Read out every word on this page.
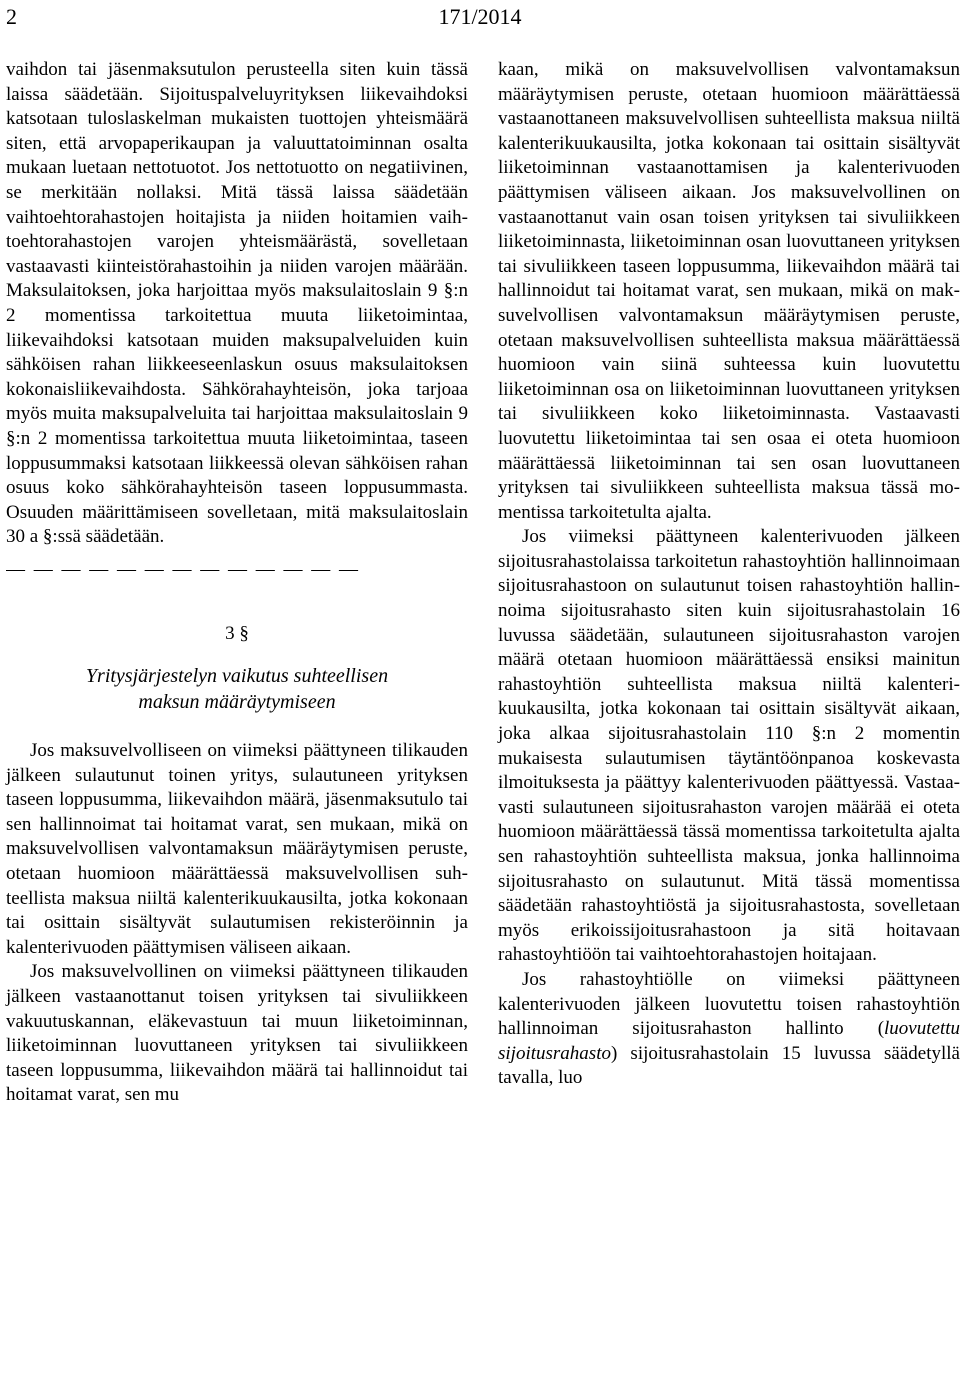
2	171/2014

vaihdon tai jäsenmaksutulon perusteella siten kuin tässä laissa säädetään. Sijoituspalveluyrityksen liikevaihdoksi katsotaan tuloslaskelman mukaisten tuottojen yhteismäärä siten, että arvopaperikaupan ja valuuttatoiminnan osalta mukaan luetaan nettotuotot. Jos nettotuotto on negatiivinen, se merkitään nollaksi. Mitä tässä laissa säädetään vaihtoehtorahastojen hoitajista ja niiden hoitamien vaihtoehtorahastojen varojen yhteismäärästä, sovelletaan vastaavasti kiinteistörahastoihin ja niiden varojen määrään. Maksulaitoksen, joka harjoittaa myös maksulaitoslain 9 §:n 2 momentissa tarkoitettua muuta liiketoimintaa, liikevaihdoksi katsotaan muiden maksupalveluiden kuin sähköisen rahan liikkeeseenlaskun osuus maksulaitoksen kokonaisliikevaihdosta. Sähkörahayhteisön, joka tarjoaa myös muita maksupalveluita tai harjoittaa maksulaitoslain 9 §:n 2 momentissa tarkoitettua muuta liiketoimintaa, taseen loppusummaksi katsotaan liikkeessä olevan sähköisen rahan osuus koko sähkörahayhteisön taseen loppusummasta. Osuuden määrittämiseen sovelletaan, mitä maksulaitoslain 30 a §:ssä säädetään.

— — — — — — — — — — — — —
3 §
Yritysjärjestelyn vaikutus suhteellisen
maksun määräytymiseen

Jos maksuvelvolliseen on viimeksi päättyneen tilikauden jälkeen sulautunut toinen yritys, sulautuneen yrityksen taseen loppusumma, liikevaihdon määrä, jäsenmaksutulo tai sen hallinnoimat tai hoitamat varat, sen mukaan, mikä on maksuvelvollisen valvontamaksun määräytymisen peruste, otetaan huomioon määrättäessä maksuvelvollisen suhteellista maksua niiltä kalenterikuukausilta, jotka kokonaan tai osittain sisältyvät sulautumisen rekisteröinnin ja kalenterivuoden päättymisen väliseen aikaan.

Jos maksuvelvollinen on viimeksi päättyneen tilikauden jälkeen vastaanottanut toisen yrityksen tai sivuliikkeen vakuutuskannan, eläkevastuun tai muun liiketoiminnan, liiketoiminnan luovuttaneen yrityksen tai sivuliikkeen taseen loppusumma, liikevaihdon määrä tai hallinnoidut tai hoitamat varat, sen mu

kaan, mikä on maksuvelvollisen valvontamaksun määräytymisen peruste, otetaan huomioon määrättäessä vastaanottaneen maksuvelvollisen suhteellista maksua niiltä kalenterikuukausilta, jotka kokonaan tai osittain sisältyvät liiketoiminnan vastaanottamisen ja kalenterivuoden päättymisen väliseen aikaan. Jos maksuvelvollinen on vastaanottanut vain osan toisen yrityksen tai sivuliikkeen liiketoiminnasta, liiketoiminnan osan luovuttaneen yrityksen tai sivuliikkeen taseen loppusumma, liikevaihdon määrä tai hallinnoidut tai hoitamat varat, sen mukaan, mikä on maksuvelvollisen valvontamaksun määräytymisen peruste, otetaan maksuvelvollisen suhteellista maksua määrättäessä huomioon vain siinä suhteessa kuin luovutettu liiketoiminnan osa on liiketoiminnan luovuttaneen yrityksen tai sivuliikkeen koko liiketoiminnasta. Vastaavasti luovutettu liiketoimintaa tai sen osaa ei oteta huomioon määrättäessä liiketoiminnan tai sen osan luovuttaneen yrityksen tai sivuliikkeen suhteellista maksua tässä momentissa tarkoitetulta ajalta.

Jos viimeksi päättyneen kalenterivuoden jälkeen sijoitusrahastolaissa tarkoitetun rahastoyhtiön hallinnoimaan sijoitusrahastoon on sulautunut toisen rahastoyhtiön hallinnoima sijoitusrahasto siten kuin sijoitusrahastolain 16 luvussa säädetään, sulautuneen sijoitusrahaston varojen määrä otetaan huomioon määrättäessä ensiksi mainitun rahastoyhtiön suhteellista maksua niiltä kalenterikuukausilta, jotka kokonaan tai osittain sisältyvät aikaan, joka alkaa sijoitusrahastolain 110 §:n 2 momentin mukaisesta sulautumisen täytäntöönpanoa koskevasta ilmoituksesta ja päättyy kalenterivuoden päättyessä. Vastaavasti sulautuneen sijoitusrahaston varojen määrää ei oteta huomioon määrättäessä tässä momentissa tarkoitetulta ajalta sen rahastoyhtiön suhteellista maksua, jonka hallinnoima sijoitusrahasto on sulautunut. Mitä tässä momentissa säädetään rahastoyhtiöstä ja sijoitusrahastosta, sovelletaan myös erikoissijoitusrahastoon ja sitä hoitavaan rahastoyhtiöön tai vaihtoehtorahastojen hoitajaan.

Jos rahastoyhtiölle on viimeksi päättyneen kalenterivuoden jälkeen luovutettu toisen rahastoyhtiön hallinnoiman sijoitusrahaston hallinto (luovutettu sijoitusrahasto) sijoitusrahastolain 15 luvussa säädetyllä tavalla, luo
